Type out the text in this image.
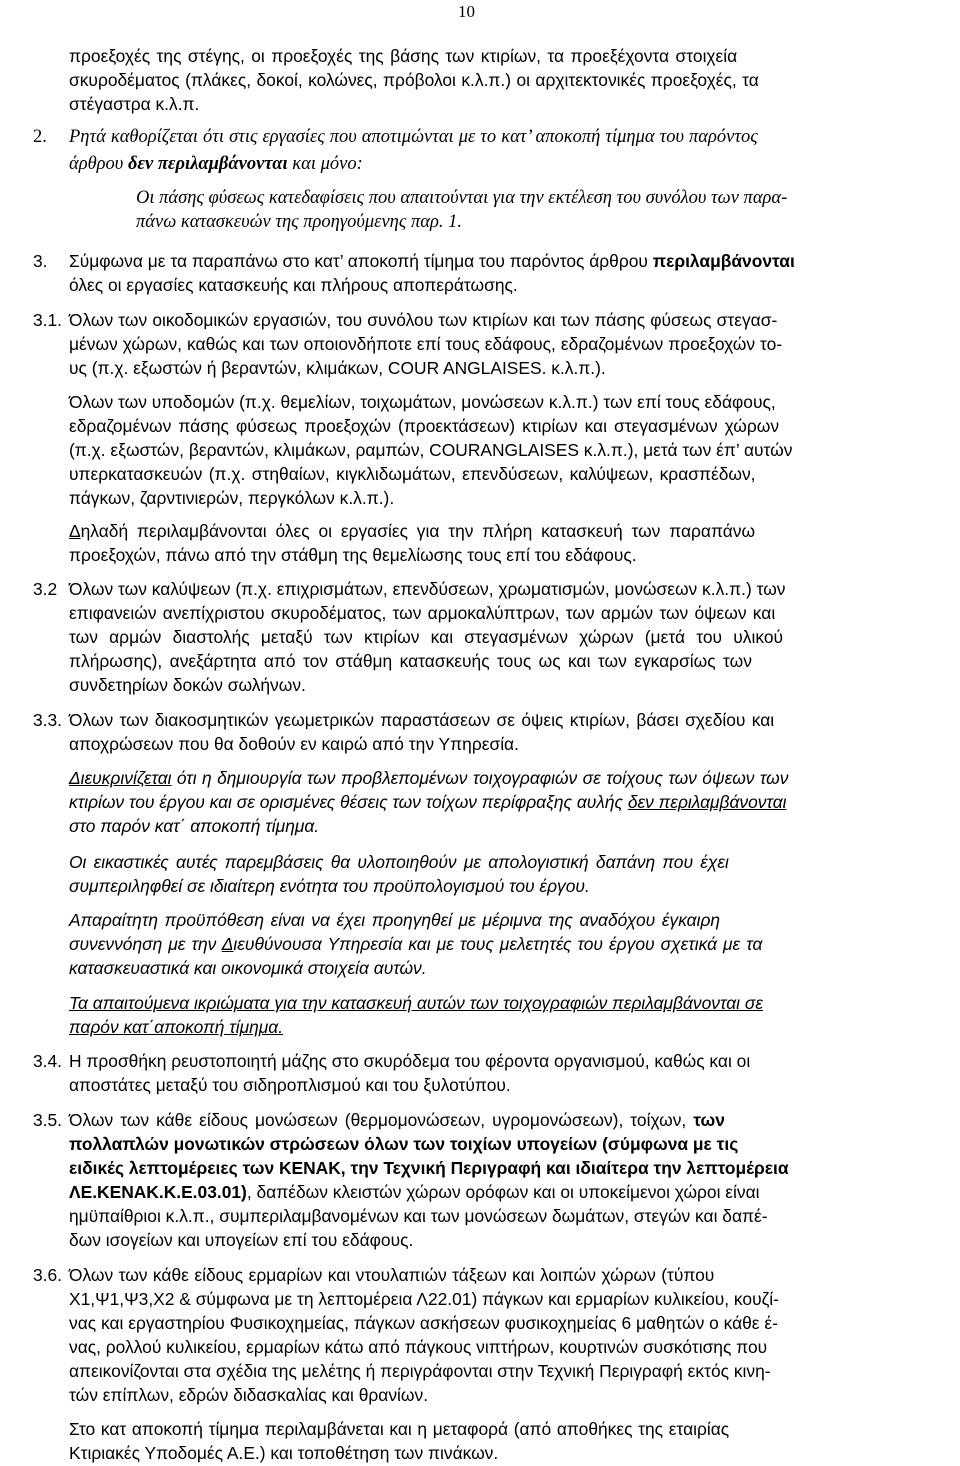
10
προεξοχές της στέγης, οι προεξοχές της βάσης των κτιρίων, τα προεξέχοντα στοιχεία
σκυροδέματος (πλάκες, δοκοί, κολώνες, πρόβολοι κ.λ.π.) οι αρχιτεκτονικές προεξοχές, τα
στέγαστρα κ.λ.π.
2. Ρητά καθορίζεται ότι στις εργασίες που αποτιμώνται με το κατ’ αποκοπή τίμημα του παρόντος
άρθρου δεν περιλαμβάνονται και μόνο:
Οι πάσης φύσεως κατεδαφίσεις που απαιτούνται για την εκτέλεση του συνόλου των παρα-
πάνω κατασκευών της προηγούμενης παρ. 1.
3. Σύμφωνα με τα παραπάνω στο κατ’ αποκοπή τίμημα του παρόντος άρθρου περιλαμβάνονται
όλες οι εργασίες κατασκευής και πλήρους αποπεράτωσης.
3.1. Όλων των οικοδομικών εργασιών, του συνόλου των κτιρίων και των πάσης φύσεως στεγασ-
μένων χώρων, καθώς και των οποιονδήποτε επί τους εδάφους, εδραζομένων προεξοχών το-
υς (π.χ. εξωστών ή βεραντών, κλιμάκων, COUR ANGLAISES. κ.λ.π.).
Όλων των υποδομών (π.χ. θεμελίων, τοιχωμάτων, μονώσεων κ.λ.π.) των επί τους εδάφους,
εδραζομένων πάσης φύσεως προεξοχών (προεκτάσεων) κτιρίων και στεγασμένων χώρων
(π.χ. εξωστών, βεραντών, κλιμάκων, ραμπών, COURANGLAISES κ.λ.π.), μετά των έπ’ αυτών
υπερκατασκευών (π.χ. στηθαίων, κιγκλιδωμάτων, επενδύσεων, καλύψεων, κρασπέδων,
πάγκων, ζαρντινιερών, περγκόλων κ.λ.π.).
Δηλαδή περιλαμβάνονται όλες οι εργασίες για την πλήρη κατασκευή των παραπάνω
προεξοχών, πάνω από την στάθμη της θεμελίωσης τους επί του εδάφους.
3.2 Όλων των καλύψεων (π.χ. επιχρισμάτων, επενδύσεων, χρωματισμών, μονώσεων κ.λ.π.) των
επιφανειών ανεπίχριστου σκυροδέματος, των αρμοκαλύπτρων, των αρμών των όψεων και
των αρμών διαστολής μεταξύ των κτιρίων και στεγασμένων χώρων (μετά του υλικού
πλήρωσης), ανεξάρτητα από τον στάθμη κατασκευής τους ως και των εγκαρσίως των
συνδετηρίων δοκών σωλήνων.
3.3. Όλων των διακοσμητικών γεωμετρικών παραστάσεων σε όψεις κτιρίων, βάσει σχεδίου και
αποχρώσεων που θα δοθούν εν καιρώ από την Υπηρεσία.
Διευκρινίζεται ότι η δημιουργία των προβλεπομένων τοιχογραφιών σε τοίχους των όψεων των
κτιρίων του έργου και σε ορισμένες θέσεις των τοίχων περίφραξης αυλής δεν περιλαμβάνονται
στο παρόν κατ΄ αποκοπή τίμημα.
Οι εικαστικές αυτές παρεμβάσεις θα υλοποιηθούν με απολογιστική δαπάνη που έχει
συμπεριληφθεί σε ιδιαίτερη ενότητα του προϋπολογισμού του έργου.
Απαραίτητη προϋπόθεση είναι να έχει προηγηθεί με μέριμνα της αναδόχου έγκαιρη
συνεννόηση με την Διευθύνουσα Υπηρεσία και με τους μελετητές του έργου σχετικά με τα
κατασκευαστικά και οικονομικά στοιχεία αυτών.
Τα απαιτούμενα ικριώματα για την κατασκευή αυτών των τοιχογραφιών περιλαμβάνονται σε
παρόν κατ΄αποκοπή τίμημα.
3.4. Η προσθήκη ρευστοποιητή μάζης στο σκυρόδεμα του φέροντα οργανισμού, καθώς και οι
αποστάτες μεταξύ του σιδηροπλισμού και του ξυλοτύπου.
3.5. Όλων των κάθε είδους μονώσεων (θερμομονώσεων, υγρομονώσεων), τοίχων, των
πολλαπλών μονωτικών στρώσεων όλων των τοιχίων υπογείων (σύμφωνα με τις
ειδικές λεπτομέρειες των ΚΕΝΑΚ, την Τεχνική Περιγραφή και ιδιαίτερα την λεπτομέρεια
ΛΕ.ΚΕΝΑΚ.Κ.Ε.03.01), δαπέδων κλειστών χώρων ορόφων και οι υποκείμενοι χώροι είναι
ημϋπαίθριοι κ.λ.π., συμπεριλαμβανομένων και των μονώσεων δωμάτων, στεγών και δαπέ-
δων ισογείων και υπογείων επί του εδάφους.
3.6. Όλων των κάθε είδους ερμαρίων και ντουλαπιών τάξεων και λοιπών χώρων (τύπου
Χ1,Ψ1,Ψ3,Χ2 & σύμφωνα με τη λεπτομέρεια Λ22.01) πάγκων και ερμαρίων κυλικείου, κουζί-
νας και εργαστηρίου Φυσικοχημείας, πάγκων ασκήσεων φυσικοχημείας 6 μαθητών ο κάθε έ-
νας, ρολλού κυλικείου, ερμαρίων κάτω από πάγκους νιπτήρων, κουρτινών συσκότισης που
απεικονίζονται στα σχέδια της μελέτης ή περιγράφονται στην Τεχνική Περιγραφή εκτός κινη-
τών επίπλων, εδρών διδασκαλίας και θρανίων.
Στο κατ αποκοπή τίμημα περιλαμβάνεται και η μεταφορά (από αποθήκες της εταιρίας
Κτιριακές Υποδομές Α.Ε.) και τοποθέτηση των πινάκων.
